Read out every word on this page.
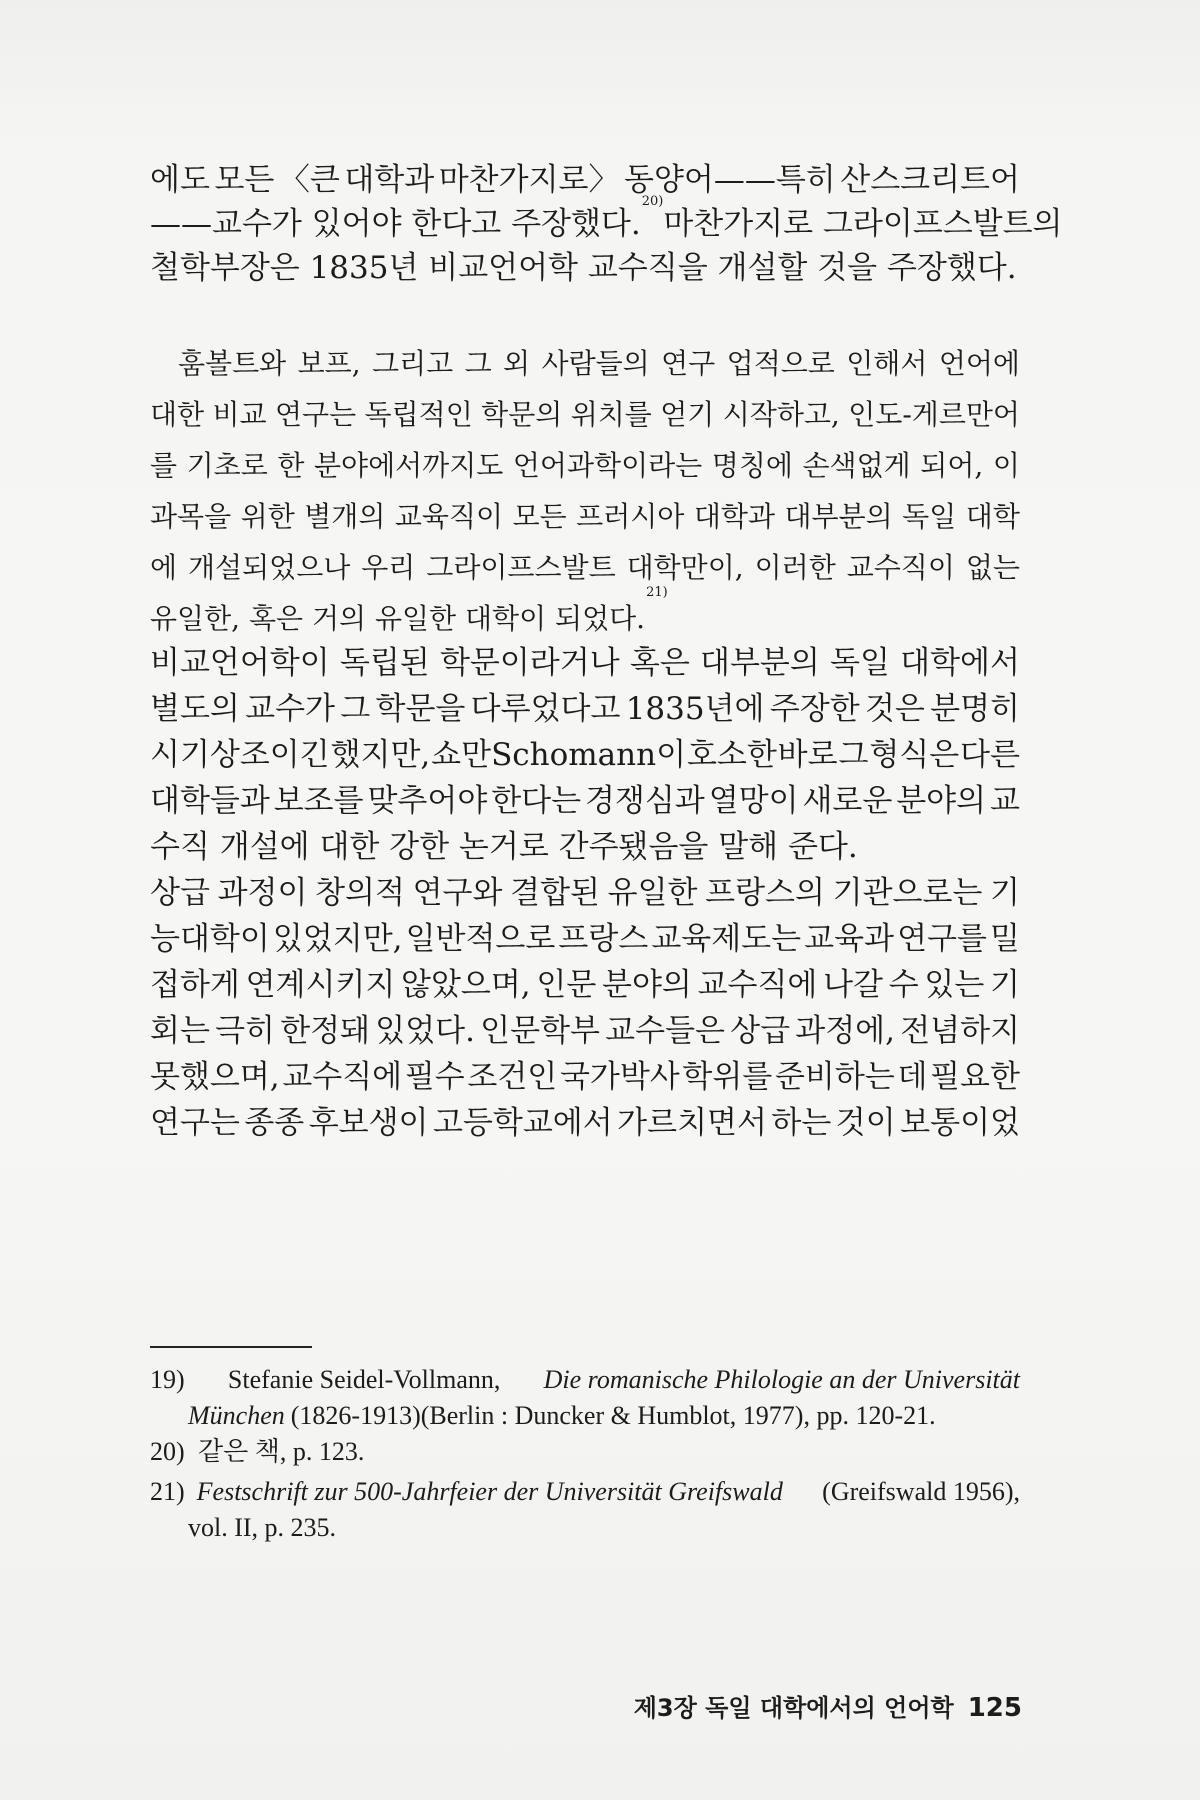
에도 모든 〈큰 대학과 마찬가지로〉 동양어——특히 산스크리트어
——교수가 있어야 한다고 주장했다.
20)
마찬가지로 그라이프스발트의
철학부장은 1835년 비교언어학 교수직을 개설할 것을 주장했다.
훔볼트와 보프, 그리고 그 외 사람들의 연구 업적으로 인해서 언어에
대한 비교 연구는 독립적인 학문의 위치를 얻기 시작하고, 인도-게르만어
를 기초로 한 분야에서까지도 언어과학이라는 명칭에 손색없게 되어, 이
과목을 위한 별개의 교육직이 모든 프러시아 대학과 대부분의 독일 대학
에 개설되었으나 우리 그라이프스발트 대학만이, 이러한 교수직이 없는
유일한, 혹은 거의 유일한 대학이 되었다.
21)
비교언어학이 독립된 학문이라거나 혹은 대부분의 독일 대학에서
별도의 교수가 그 학문을 다루었다고 1835년에 주장한 것은 분명히
시기상조이긴 했지만, 쇼만Schomann이 호소한 바로 그 형식은 다른
대학들과 보조를 맞추어야 한다는 경쟁심과 열망이 새로운 분야의 교
수직 개설에 대한 강한 논거로 간주됐음을 말해 준다.
상급 과정이 창의적 연구와 결합된 유일한 프랑스의 기관으로는 기
능대학이 있었지만, 일반적으로 프랑스 교육제도는 교육과 연구를 밀
접하게 연계시키지 않았으며, 인문 분야의 교수직에 나갈 수 있는 기
회는 극히 한정돼 있었다. 인문학부 교수들은 상급 과정에, 전념하지
못했으며, 교수직에 필수 조건인 국가박사 학위를 준비하는 데 필요한
연구는 종종 후보생이 고등학교에서 가르치면서 하는 것이 보통이었
19) Stefanie Seidel-Vollmann, Die romanische Philologie an der Universität
München (1826-1913)(Berlin : Duncker & Humblot, 1977), pp. 120-21.
20) 같은 책, p. 123.
21) Festschrift zur 500-Jahrfeier der Universität Greifswald (Greifswald 1956),
vol. II, p. 235.
제3장 독일 대학에서의 언어학 125
